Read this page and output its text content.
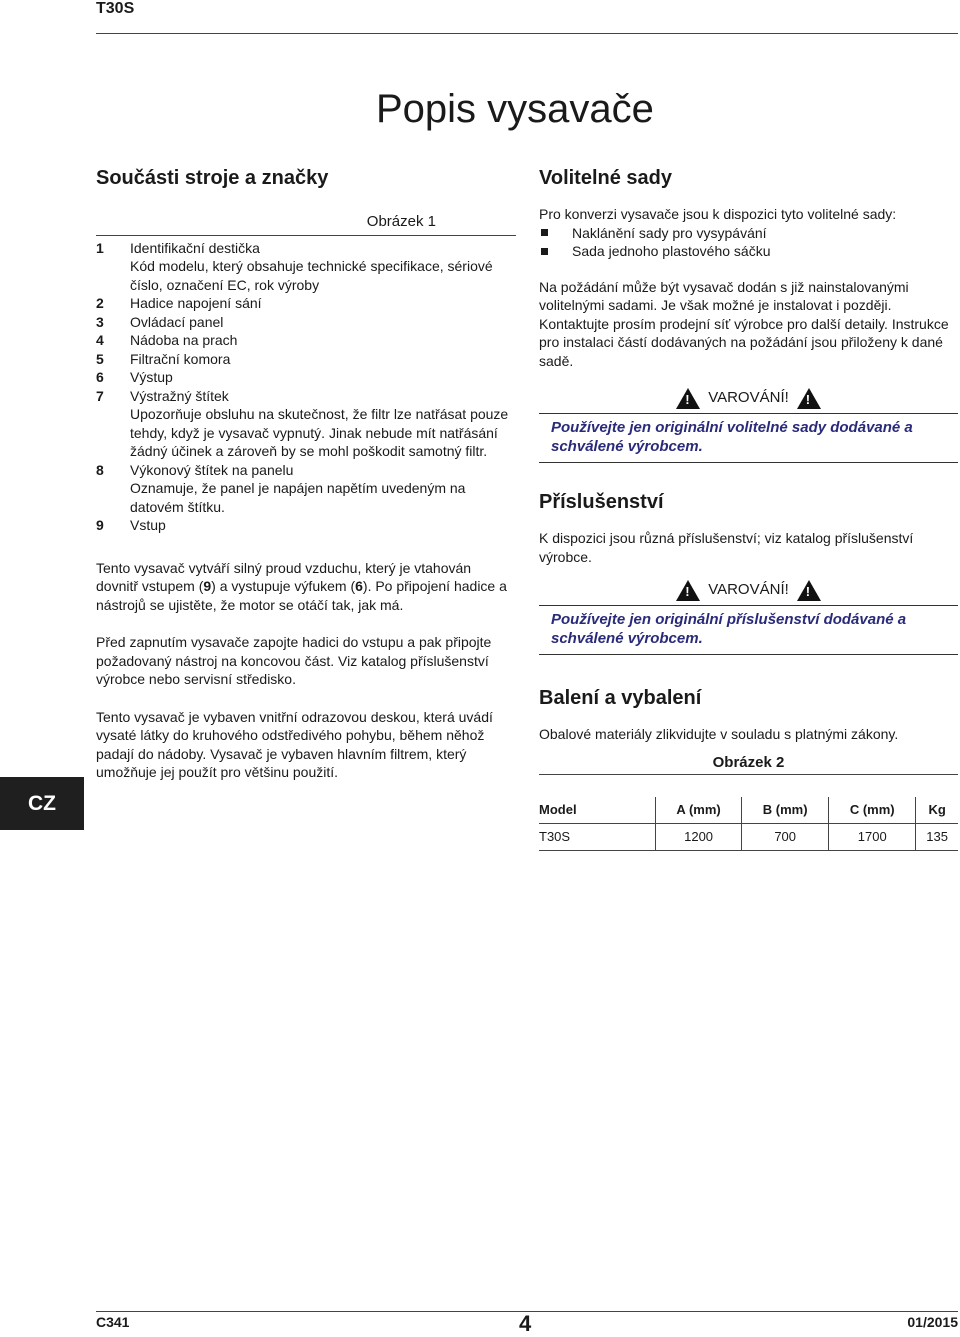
T30S
Popis vysavače
Součásti stroje a značky
Obrázek 1
1	Identifikační destička
Kód modelu, který obsahuje technické specifikace, sériové číslo, označení EC, rok výroby
2	Hadice napojení sání
3	Ovládací panel
4	Nádoba na prach
5	Filtrační komora
6	Výstup
7	Výstražný štítek
Upozorňuje obsluhu na skutečnost, že filtr lze natřásat pouze tehdy, když je vysavač vypnutý. Jinak nebude mít natřásání žádný účinek a zároveň by se mohl poškodit samotný filtr.
8	Výkonový štítek na panelu
Oznamuje, že panel je napájen napětím uvedeným na datovém štítku.
9	Vstup

Tento vysavač vytváří silný proud vzduchu, který je vtahován dovnitř vstupem (9) a vystupuje výfukem (6). Po připojení hadice a nástrojů se ujistěte, že motor se otáčí tak, jak má.

Před zapnutím vysavače zapojte hadici do vstupu a pak připojte požadovaný nástroj na koncovou část. Viz katalog příslušenství výrobce nebo servisní středisko.

Tento vysavač je vybaven vnitřní odrazovou deskou, která uvádí vysaté látky do kruhového odstředivého pohybu, během něhož padají do nádoby. Vysavač je vybaven hlavním filtrem, který umožňuje jej použít pro většinu použití.

Volitelné sady
Pro konverzi vysavače jsou k dispozici tyto volitelné sady:
Naklánění sady pro vysypávání
Sada jednoho plastového sáčku
Na požádání může být vysavač dodán s již nainstalovanými volitelnými sadami. Je však možné je instalovat i později. Kontaktujte prosím prodejní síť výrobce pro další detaily. Instrukce pro instalaci částí dodávaných na požádání jsou přiloženy k dané sadě.
! VAROVÁNÍ! !
Používejte jen originální volitelné sady dodávané a schválené výrobcem.
Příslušenství
K dispozici jsou různá příslušenství; viz katalog příslušenství výrobce.
! VAROVÁNÍ! !
Používejte jen originální příslušenství dodávané a schválené výrobcem.
Balení a vybalení
Obalové materiály zlikvidujte v souladu s platnými zákony.
Obrázek 2
Model	A (mm)	B (mm)	C (mm)	Kg
T30S	1200	700	1700	135
CZ
C341	4	01/2015
